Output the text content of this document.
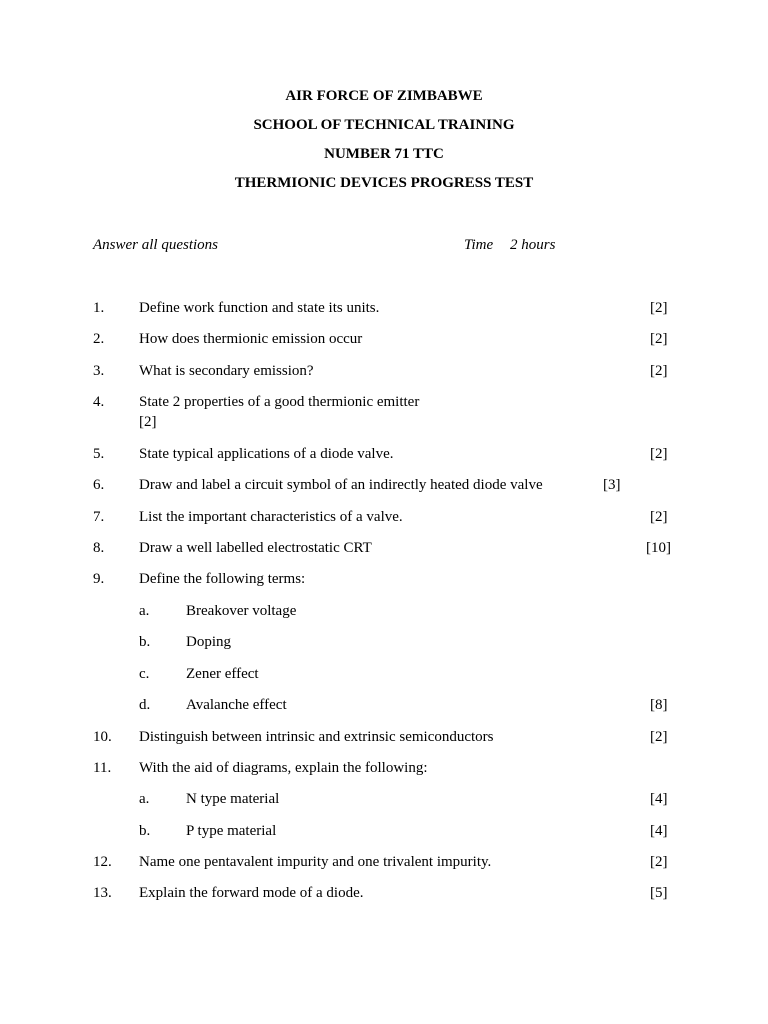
AIR FORCE OF ZIMBABWE
SCHOOL OF TECHNICAL TRAINING
NUMBER 71 TTC
THERMIONIC DEVICES PROGRESS TEST
Answer all questions	Time 2 hours
1. Define work function and state its units.	[2]
2. How does thermionic emission occur	[2]
3. What is secondary emission?	[2]
4. State 2 properties of a good thermionic emitter
[2]
5. State typical applications of a diode valve.	[2]
6. Draw and label a circuit symbol of an indirectly heated diode valve	[3]
7. List the important characteristics of a valve.	[2]
8. Draw a well labelled electrostatic CRT	[10]
9. Define the following terms:
a. Breakover voltage
b. Doping
c. Zener effect
d. Avalanche effect	[8]
10. Distinguish between intrinsic and extrinsic semiconductors	[2]
11. With the aid of diagrams, explain the following:
a. N type material	[4]
b. P type material	[4]
12. Name one pentavalent impurity and one trivalent impurity.	[2]
13. Explain the forward mode of a diode.	[5]
